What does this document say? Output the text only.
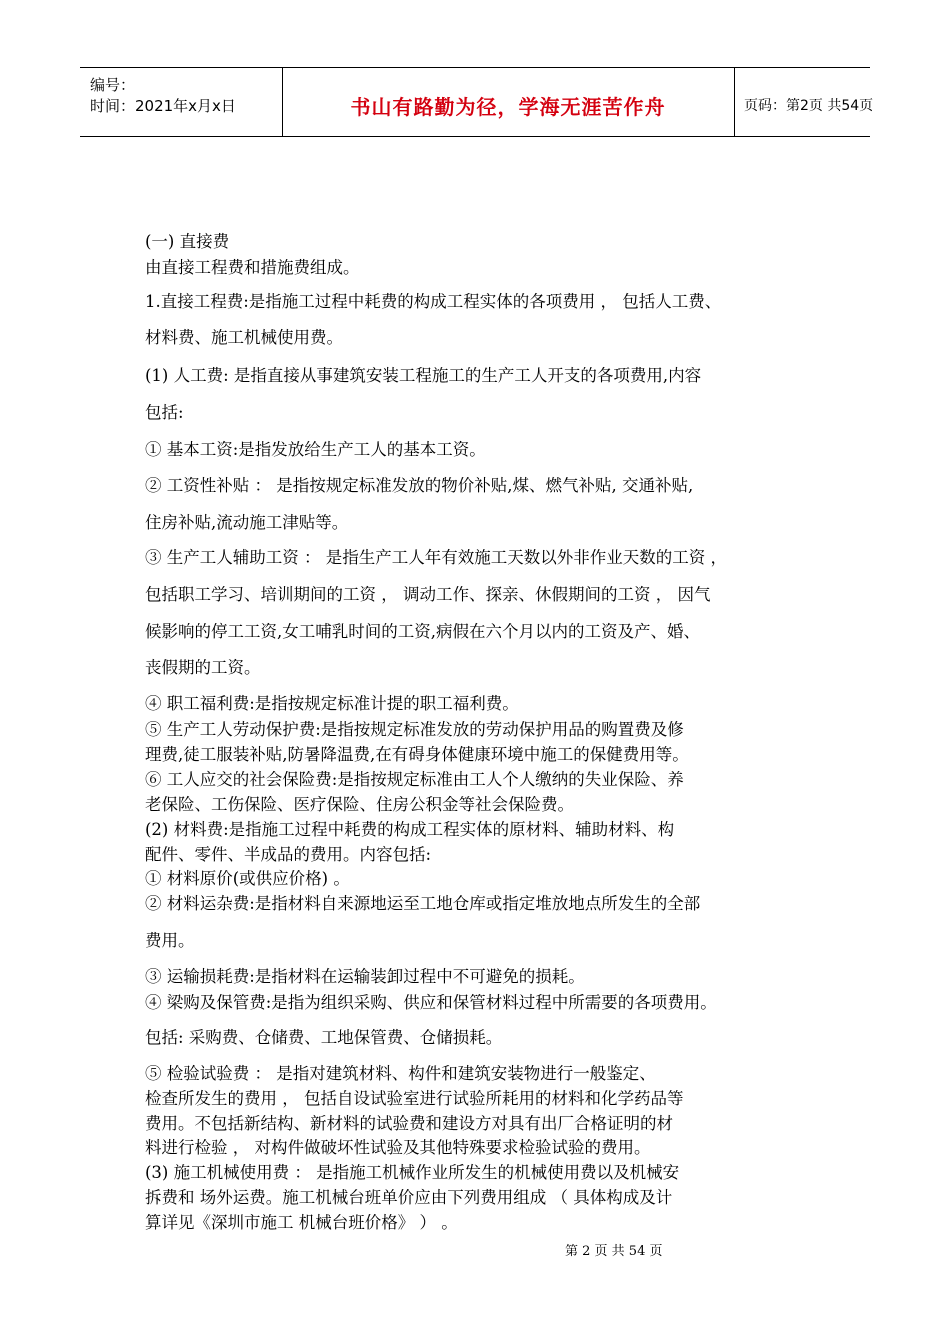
编号：
时间：2021年x月x日	书山有路勤为径，学海无涯苦作舟	页码：第2页 共54页
(一) 直接费
由直接工程费和措施费组成。
1.直接工程费:是指施工过程中耗费的构成工程实体的各项费用 ， 包括人工费、
材料费、施工机械使用费。
(1) 人工费: 是指直接从事建筑安装工程施工的生产工人开支的各项费用,内容
包括:
① 基本工资:是指发放给生产工人的基本工资。
② 工资性补贴 ： 是指按规定标准发放的物价补贴,煤、燃气补贴, 交通补贴,
住房补贴,流动施工津贴等。
③ 生产工人辅助工资 ： 是指生产工人年有效施工天数以外非作业天数的工资 ，
包括职工学习、培训期间的工资 ， 调动工作、探亲、休假期间的工资 ， 因气
候影响的停工工资,女工哺乳时间的工资,病假在六个月以内的工资及产、婚、
丧假期的工资。
④ 职工福利费:是指按规定标准计提的职工福利费。
⑤ 生产工人劳动保护费:是指按规定标准发放的劳动保护用品的购置费及修
理费,徒工服装补贴,防暑降温费,在有碍身体健康环境中施工的保健费用等。
⑥ 工人应交的社会保险费:是指按规定标准由工人个人缴纳的失业保险、养
老保险、工伤保险、医疗保险、住房公积金等社会保险费。
(2) 材料费:是指施工过程中耗费的构成工程实体的原材料、辅助材料、构
配件、零件、半成品的费用。内容包括:
① 材料原价(或供应价格) 。
② 材料运杂费:是指材料自来源地运至工地仓库或指定堆放地点所发生的全部
费用。
③ 运输损耗费:是指材料在运输装卸过程中不可避免的损耗。
④ 梁购及保管费:是指为组织采购、供应和保管材料过程中所需要的各项费用。
包括: 采购费、仓储费、工地保管费、仓储损耗。
⑤ 检验试验费 ： 是指对建筑材料、构件和建筑安装物进行一般鉴定、
检查所发生的费用 ， 包括自设试验室进行试验所耗用的材料和化学药品等
费用。不包括新结构、新材料的试验费和建设方对具有出厂合格证明的材
料进行检验 ， 对构件做破坏性试验及其他特殊要求检验试验的费用。
(3) 施工机械使用费 ： 是指施工机械作业所发生的机械使用费以及机械安
拆费和 场外运费。施工机械台班单价应由下列费用组成 （ 具体构成及计
算详见《深圳市施工 机械台班价格》 ） 。
第 2 页 共 54 页
